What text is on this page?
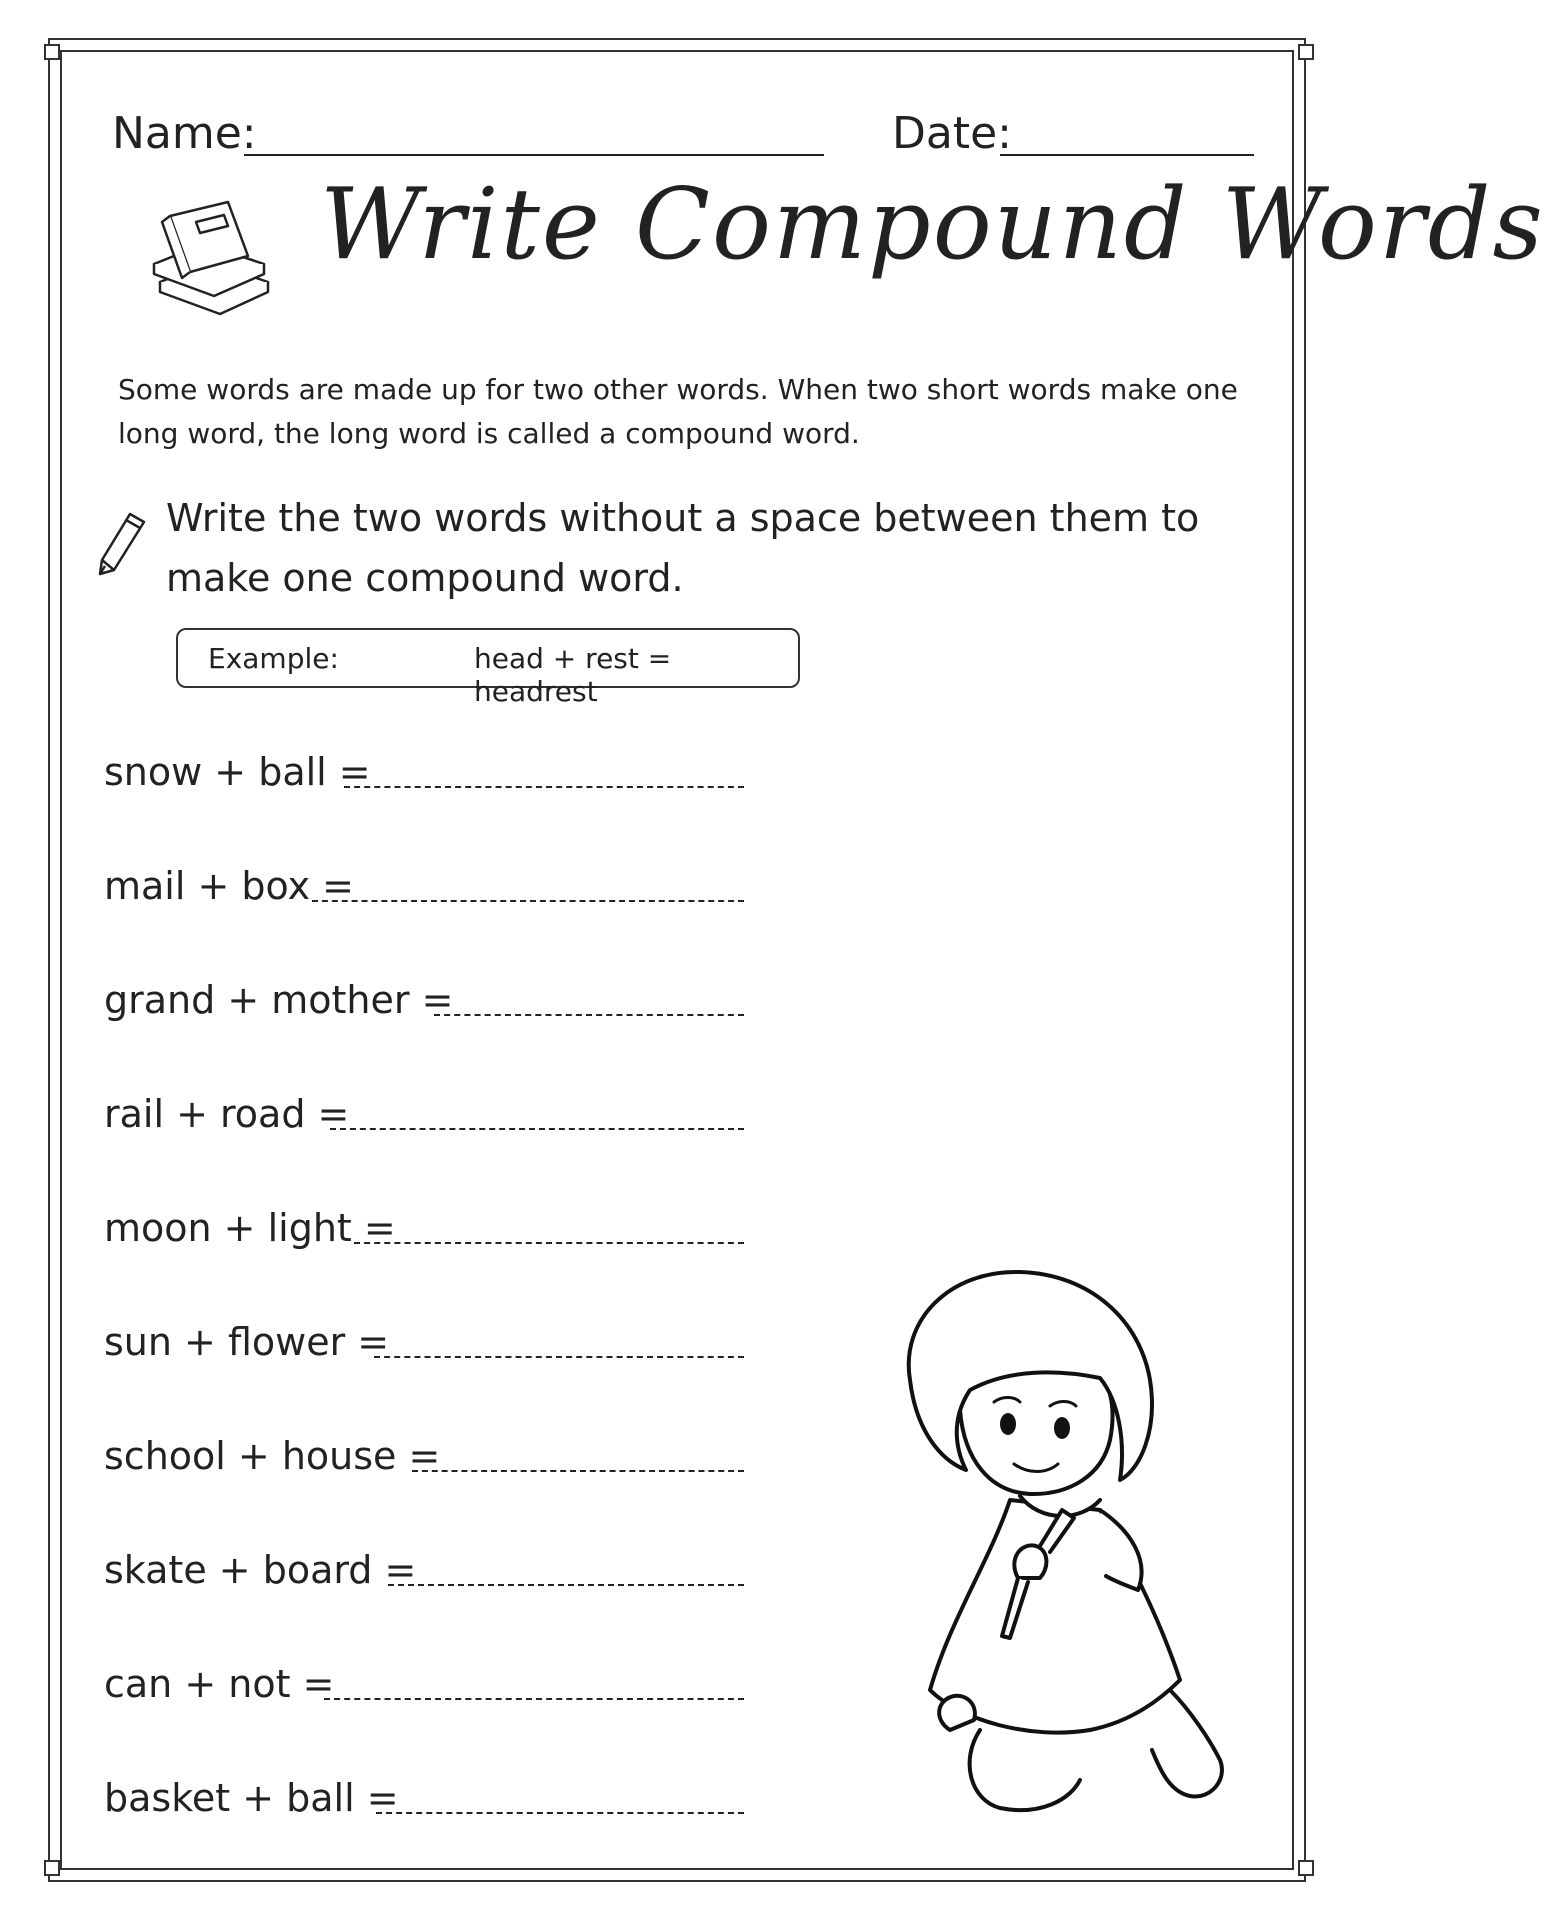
Name:	Date:
Write Compound Words
Some words are made up for two other words. When two short words make one long word, the long word is called a compound word.
Write the two words without a space between them to make one compound word.
Example:	head + rest = headrest
snow + ball =
mail + box =
grand + mother =
rail + road =
moon + light =
sun + flower =
school + house =
skate + board =
can + not =
basket + ball =
